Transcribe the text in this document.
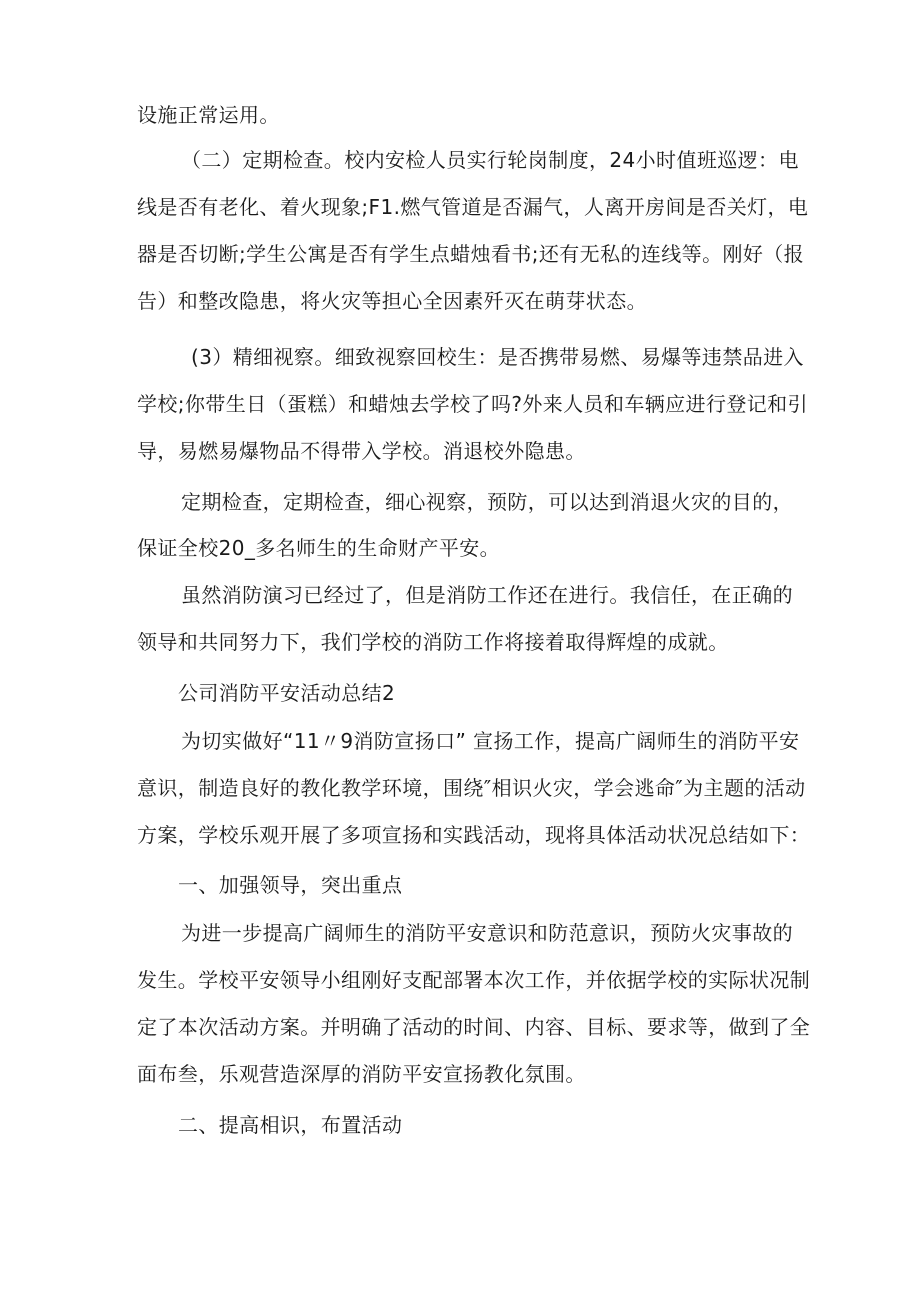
设施正常运用。
（二）定期检查。校内安检人员实行轮岗制度，24小时值班巡逻：电
线是否有老化、着火现象;F1.燃气管道是否漏气，人离开房间是否关灯，电
器是否切断;学生公寓是否有学生点蜡烛看书;还有无私的连线等。刚好（报
告）和整改隐患，将火灾等担心全因素歼灭在萌芽状态。
(3）精细视察。细致视察回校生：是否携带易燃、易爆等违禁品进入
学校;你带生日（蛋糕）和蜡烛去学校了吗?外来人员和车辆应进行登记和引
导，易燃易爆物品不得带入学校。消退校外隐患。
定期检查，定期检查，细心视察，预防，可以达到消退火灾的目的，
保证全校20_多名师生的生命财产平安。
虽然消防演习已经过了，但是消防工作还在进行。我信任，在正确的
领导和共同努力下，我们学校的消防工作将接着取得辉煌的成就。
公司消防平安活动总结2
为切实做好“11〃9消防宣扬口” 宣扬工作，提高广阔师生的消防平安
意识，制造良好的教化教学环境，围绕″相识火灾，学会逃命″为主题的活动
方案，学校乐观开展了多项宣扬和实践活动，现将具体活动状况总结如下：
一、加强领导，突出重点
为进一步提高广阔师生的消防平安意识和防范意识，预防火灾事故的
发生。学校平安领导小组刚好支配部署本次工作，并依据学校的实际状况制
定了本次活动方案。并明确了活动的时间、内容、目标、要求等，做到了全
面布叁，乐观营造深厚的消防平安宣扬教化氛围。
二、提高相识，布置活动
